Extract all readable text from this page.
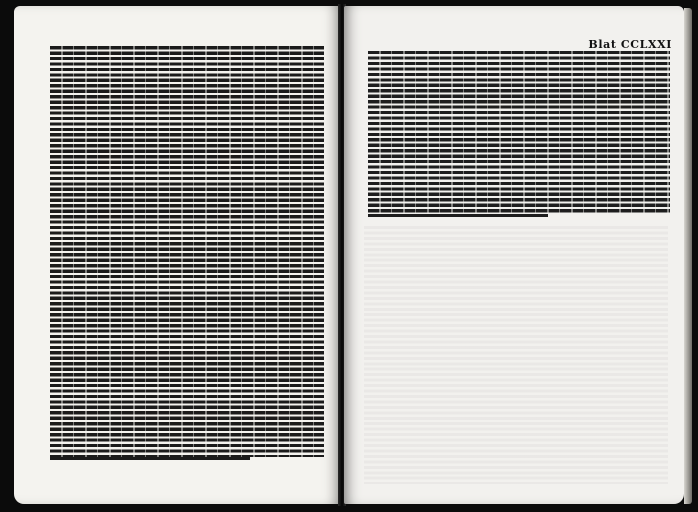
Blat CCLXXI
